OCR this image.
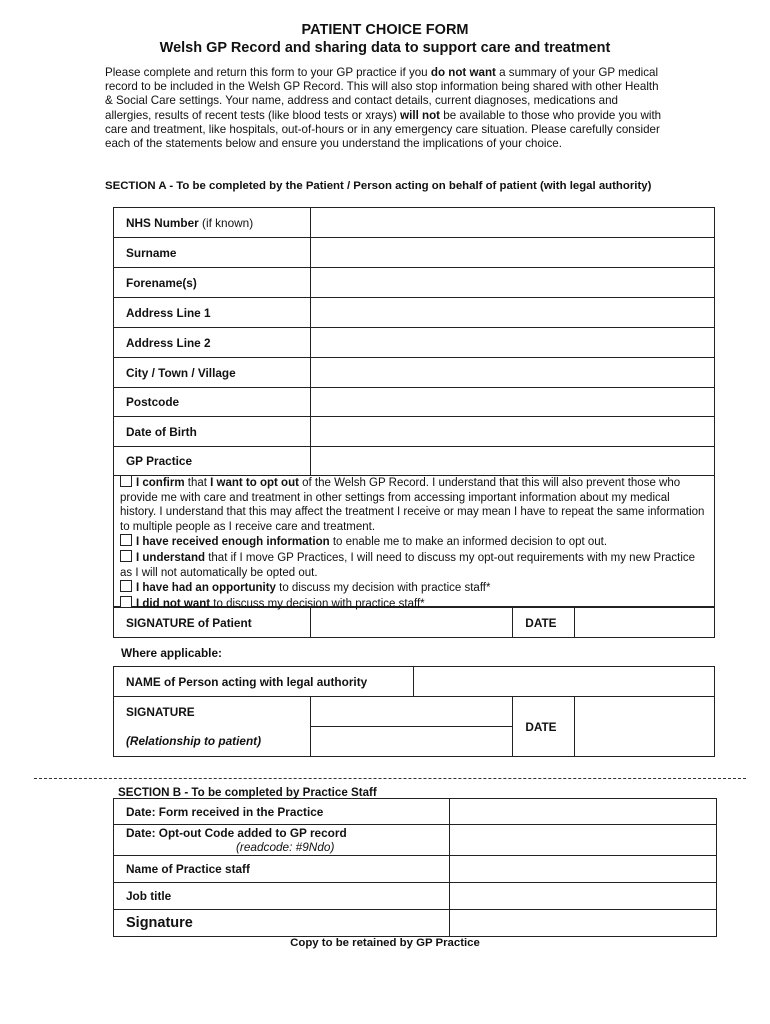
PATIENT CHOICE FORM
Welsh GP Record and sharing data to support care and treatment
Please complete and return this form to your GP practice if you do not want a summary of your GP medical record to be included in the Welsh GP Record. This will also stop information being shared with other Health & Social Care settings. Your name, address and contact details, current diagnoses, medications and allergies, results of recent tests (like blood tests or xrays) will not be available to those who provide you with care and treatment, like hospitals, out-of-hours or in any emergency care situation. Please carefully consider each of the statements below and ensure you understand the implications of your choice.
SECTION A - To be completed by the Patient / Person acting on behalf of patient (with legal authority)
NHS Number (if known)	
Surname	
Forename(s)	
Address Line 1	
Address Line 2	
City / Town / Village	
Postcode	
Date of Birth	
GP Practice	
I confirm that I want to opt out of the Welsh GP Record. I understand that this will also prevent those who provide me with care and treatment in other settings from accessing important information about my medical history. I understand that this may affect the treatment I receive or may mean I have to repeat the same information to multiple people as I receive care and treatment.
I have received enough information to enable me to make an informed decision to opt out.
I understand that if I move GP Practices, I will need to discuss my opt-out requirements with my new Practice as I will not automatically be opted out.
I have had an opportunity to discuss my decision with practice staff*
I did not want to discuss my decision with practice staff*
SIGNATURE of Patient		DATE	
Where applicable:
NAME of Person acting with legal authority	
SIGNATURE		DATE	
(Relationship to patient)			
SECTION B - To be completed by Practice Staff
Date: Form received in the Practice	

Date: Opt-out Code added to GP record
(readcode: #9Ndo)	

Name of Practice staff	
Job title	
Signature	
Copy to be retained by GP Practice
